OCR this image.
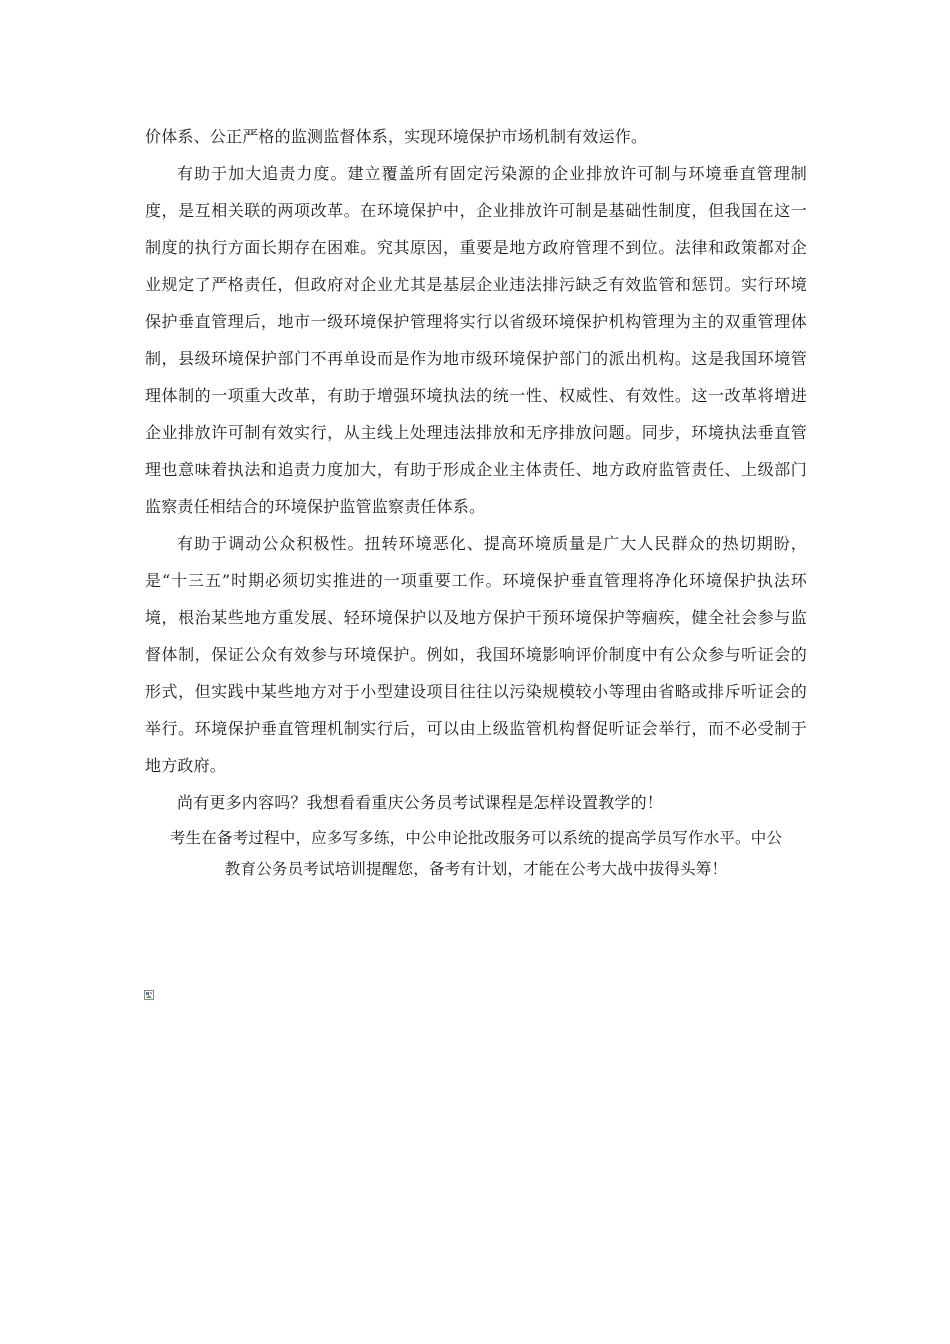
价体系、公正严格的监测监督体系，实现环境保护市场机制有效运作。

有助于加大追责力度。建立覆盖所有固定污染源的企业排放许可制与环境垂直管理制度，是互相关联的两项改革。在环境保护中，企业排放许可制是基础性制度，但我国在这一制度的执行方面长期存在困难。究其原因，重要是地方政府管理不到位。法律和政策都对企业规定了严格责任，但政府对企业尤其是基层企业违法排污缺乏有效监管和惩罚。实行环境保护垂直管理后，地市一级环境保护管理将实行以省级环境保护机构管理为主的双重管理体制，县级环境保护部门不再单设而是作为地市级环境保护部门的派出机构。这是我国环境管理体制的一项重大改革，有助于增强环境执法的统一性、权威性、有效性。这一改革将增进企业排放许可制有效实行，从主线上处理违法排放和无序排放问题。同步，环境执法垂直管理也意味着执法和追责力度加大，有助于形成企业主体责任、地方政府监管责任、上级部门监察责任相结合的环境保护监管监察责任体系。

有助于调动公众积极性。扭转环境恶化、提高环境质量是广大人民群众的热切期盼，是“十三五”时期必须切实推进的一项重要工作。环境保护垂直管理将净化环境保护执法环境，根治某些地方重发展、轻环境保护以及地方保护干预环境保护等痼疾，健全社会参与监督体制，保证公众有效参与环境保护。例如，我国环境影响评价制度中有公众参与听证会的形式，但实践中某些地方对于小型建设项目往往以污染规模较小等理由省略或排斥听证会的举行。环境保护垂直管理机制实行后，可以由上级监管机构督促听证会举行，而不必受制于地方政府。

尚有更多内容吗？我想看看重庆公务员考试课程是怎样设置教学的！

考生在备考过程中，应多写多练，中公申论批改服务可以系统的提高学员写作水平。中公

教育公务员考试培训提醒您，备考有计划，才能在公考大战中拔得头筹！
